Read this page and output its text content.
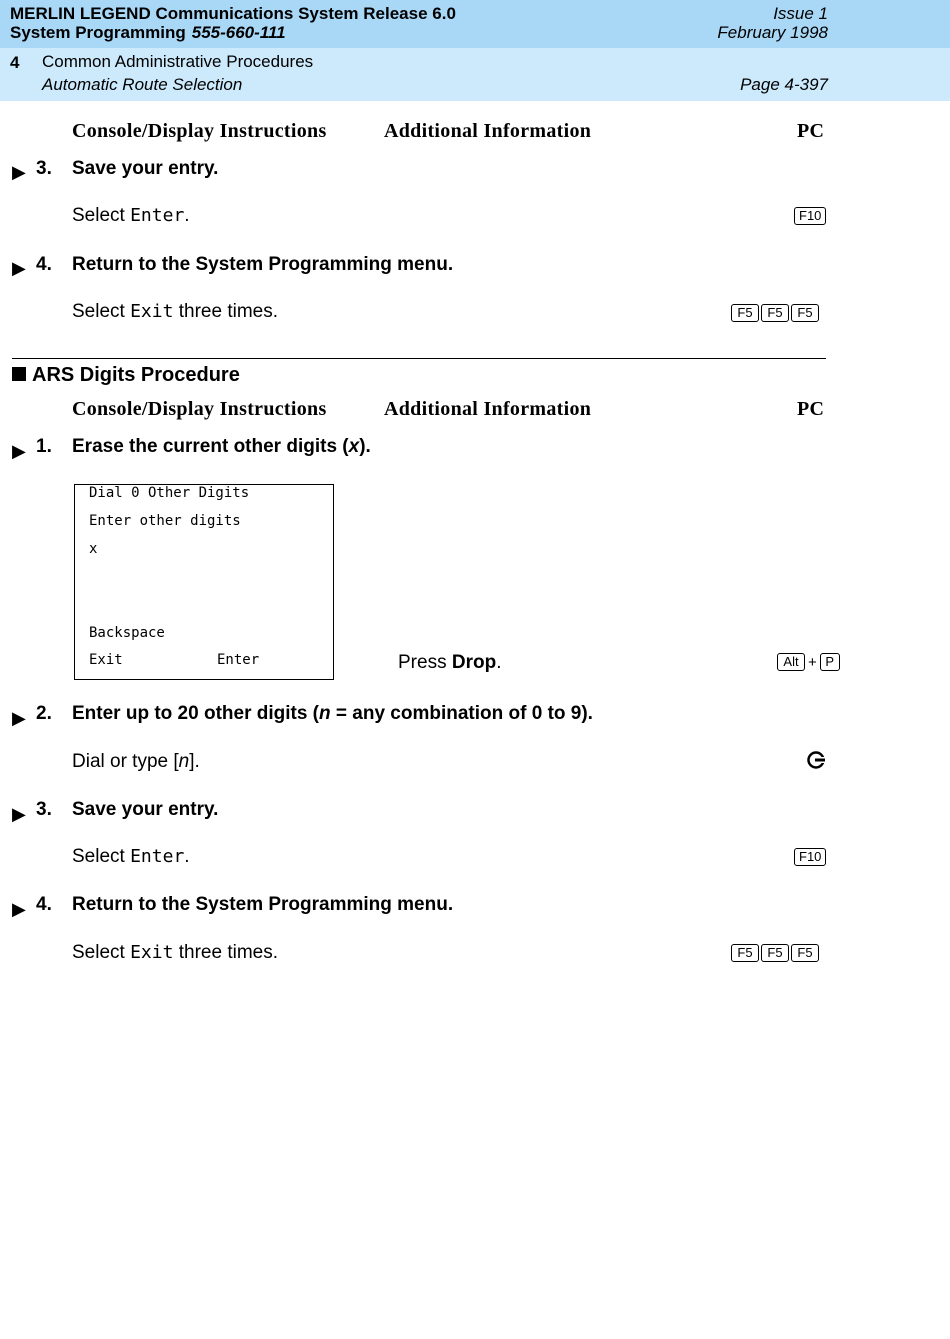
MERLIN LEGEND Communications System Release 6.0
System Programming 555-660-111
Issue 1
February 1998
4 Common Administrative Procedures
Automatic Route Selection	Page 4-397
Console/Display Instructions	Additional Information	PC
▶ 3. Save your entry.
Select Enter.	F10
▶ 4. Return to the System Programming menu.
Select Exit three times.	F5	F5	F5
ARS Digits Procedure
Console/Display Instructions	Additional Information	PC
▶ 1. Erase the current other digits (x).
Dial 0 Other Digits
Enter other digits
x
Backspace
Exit	Enter	Press Drop.	Alt + P
▶ 2. Enter up to 20 other digits (n = any combination of 0 to 9).
Dial or type [n].
▶ 3. Save your entry.
Select Enter.	F10
▶ 4. Return to the System Programming menu.
Select Exit three times.	F5	F5	F5
